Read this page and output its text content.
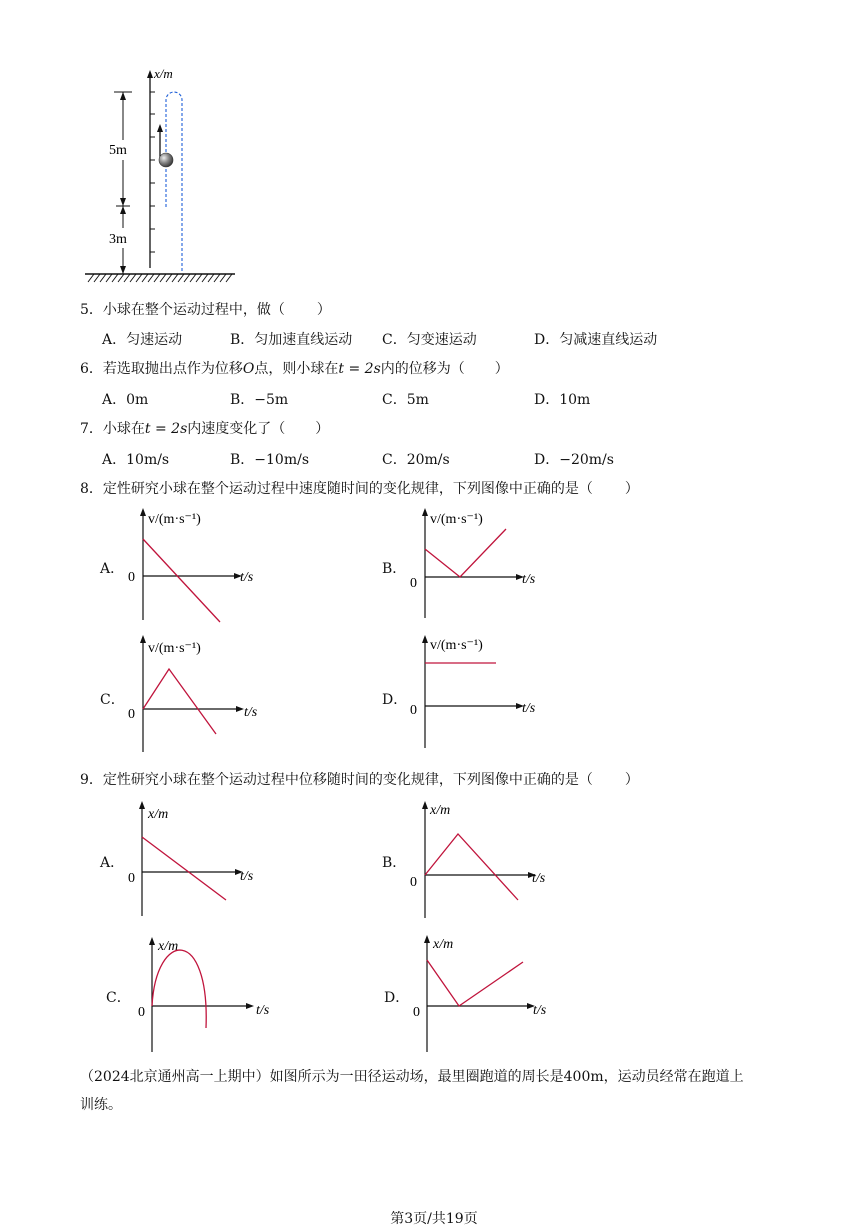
x/m
5m
3m
5．小球在整个运动过程中，做（ ）
A．匀速运动	B．匀加速直线运动 C．匀变速运动	D．匀减速直线运动
6．若选取抛出点作为位移O点，则小球在t = 2s内的位移为（ ）
A．0m	B．−5m	C．5m	D．10m
7．小球在t = 2s内速度变化了（ ）
A．10m/s	B．−10m/s	C．20m/s	D．−20m/s
8．定性研究小球在整个运动过程中速度随时间的变化规律，下列图像中正确的是（ ）
A．
v/(m·s⁻¹)
t/s
0
B．
v/(m·s⁻¹)
t/s
0
C．
v/(m·s⁻¹)
t/s
0
D．
v/(m·s⁻¹)
t/s
0
9．定性研究小球在整个运动过程中位移随时间的变化规律，下列图像中正确的是（ ）
A．
x/m
t/s
0
B．
x/m
t/s
0
C．
x/m
t/s
0
D．
x/m
t/s
0
（2024北京通州高一上期中）如图所示为一田径运动场，最里圈跑道的周长是400m，运动员经常在跑道上
训练。
第3页/共19页
